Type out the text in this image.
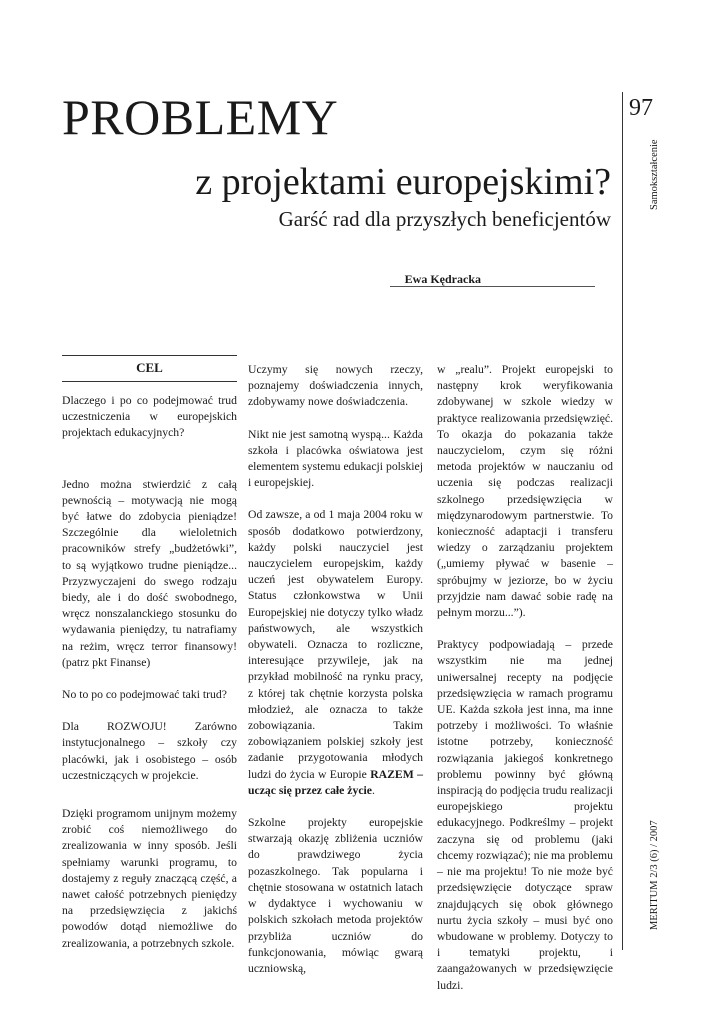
PROBLEMY
z projektami europejskimi?
Garść rad dla przyszłych beneficjentów
Ewa Kędracka
97
Samokształcenie
MERITUM 2/3 (6) / 2007
CEL

Dlaczego i po co podejmować trud uczestniczenia w europejskich projektach edukacyjnych?

Jedno można stwierdzić z całą pewnością – motywacją nie mogą być łatwe do zdobycia pieniądze! Szczególnie dla wieloletnich pracowników strefy „budżetówki”, to są wyjątkowo trudne pieniądze... Przyzwyczajeni do swego rodzaju biedy, ale i do dość swobodnego, wręcz nonszalanckiego stosunku do wydawania pieniędzy, tu natrafiamy na reżim, wręcz terror finansowy! (patrz pkt Finanse)

No to po co podejmować taki trud?

Dla ROZWOJU! Zarówno instytucjonalnego – szkoły czy placówki, jak i osobistego – osób uczestniczących w projekcie.

Dzięki programom unijnym możemy zrobić coś niemożliwego do zrealizowania w inny sposób. Jeśli spełniamy warunki programu, to dostajemy z reguły znaczącą część, a nawet całość potrzebnych pieniędzy na przedsięwzięcia z jakichś powodów dotąd niemożliwe do zrealizowania, a potrzebnych szkole.

Uczymy się nowych rzeczy, poznajemy doświadczenia innych, zdobywamy nowe doświadczenia.

Nikt nie jest samotną wyspą... Każda szkoła i placówka oświatowa jest elementem systemu edukacji polskiej i europejskiej.

Od zawsze, a od 1 maja 2004 roku w sposób dodatkowo potwierdzony, każdy polski nauczyciel jest nauczycielem europejskim, każdy uczeń jest obywatelem Europy. Status członkowstwa w Unii Europejskiej nie dotyczy tylko władz państwowych, ale wszystkich obywateli. Oznacza to rozliczne, interesujące przywileje, jak na przykład mobilność na rynku pracy, z której tak chętnie korzysta polska młodzież, ale oznacza to także zobowiązania. Takim zobowiązaniem polskiej szkoły jest zadanie przygotowania młodych ludzi do życia w Europie RAZEM – ucząc się przez całe życie.

Szkolne projekty europejskie stwarzają okazję zbliżenia uczniów do prawdziwego życia pozaszkolnego. Tak popularna i chętnie stosowana w ostatnich latach w dydaktyce i wychowaniu w polskich szkołach metoda projektów przybliża uczniów do funkcjonowania, mówiąc gwarą uczniowską,

w „realu”. Projekt europejski to następny krok weryfikowania zdobywanej w szkole wiedzy w praktyce realizowania przedsięwzięć. To okazja do pokazania także nauczycielom, czym się różni metoda projektów w nauczaniu od uczenia się podczas realizacji szkolnego przedsięwzięcia w międzynarodowym partnerstwie. To konieczność adaptacji i transferu wiedzy o zarządzaniu projektem („umiemy pływać w basenie – spróbujmy w jeziorze, bo w życiu przyjdzie nam dawać sobie radę na pełnym morzu...”).

Praktycy podpowiadają – przede wszystkim nie ma jednej uniwersalnej recepty na podjęcie przedsięwzięcia w ramach programu UE. Każda szkoła jest inna, ma inne potrzeby i możliwości. To właśnie istotne potrzeby, konieczność rozwiązania jakiegoś konkretnego problemu powinny być główną inspiracją do podjęcia trudu realizacji europejskiego projektu edukacyjnego. Podkreślmy – projekt zaczyna się od problemu (jaki chcemy rozwiązać); nie ma problemu – nie ma projektu! To nie może być przedsięwzięcie dotyczące spraw znajdujących się obok głównego nurtu życia szkoły – musi być ono wbudowane w problemy. Dotyczy to i tematyki projektu, i zaangażowanych w przedsięwzięcie ludzi.
